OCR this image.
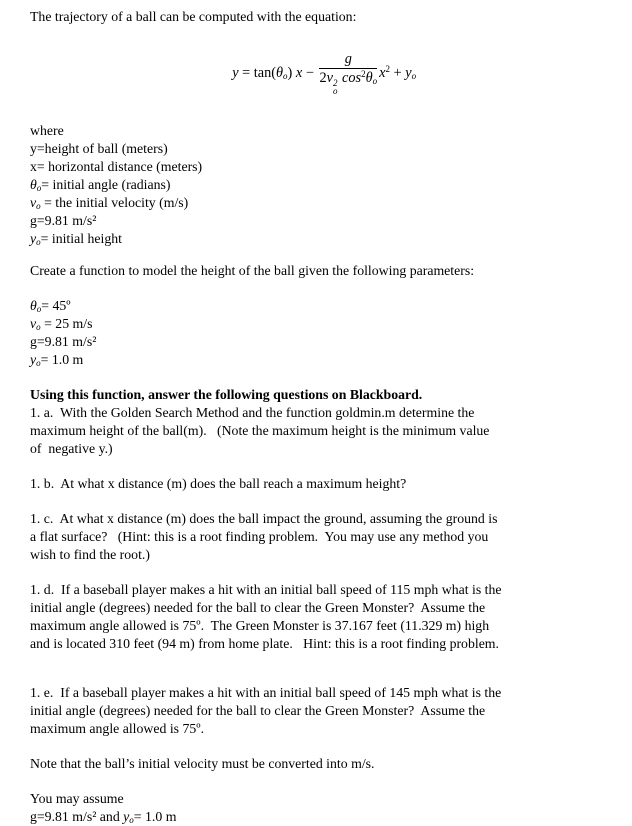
The trajectory of a ball can be computed with the equation:

$y = \tan(\theta_o) x - g$
2v 2
o
$\cos^2\theta_o$ $x^2 + y_o$

where
y=height of ball (meters)
x= horizontal distance (meters)
$\theta_o=$ initial angle (radians)
$v_o$ = the initial velocity (m/s)
g=9.81 m/s²
$y_o=$ initial height

Create a function to model the height of the ball given the following parameters:

$\theta_o=$ 45º
$v_o = 25$ m/s
g=9.81 m/s²
$y_o= 1.0$ m

Using this function, answer the following questions on Blackboard.

1. a.  With the Golden Search Method and the function goldmin.m determine the
maximum height of the ball(m).   (Note the maximum height is the minimum value
of  negative y.)
1. b.  At what x distance (m) does the ball reach a maximum height?
1. c.  At what x distance (m) does the ball impact the ground, assuming the ground is
a flat surface?   (Hint: this is a root finding problem.  You may use any method you
wish to find the root.)
1. d.  If a baseball player makes a hit with an initial ball speed of 115 mph what is the
initial angle (degrees) needed for the ball to clear the Green Monster?  Assume the
maximum angle allowed is 75º.  The Green Monster is 37.167 feet (11.329 m) high
and is located 310 feet (94 m) from home plate.   Hint: this is a root finding problem.
1. e.  If a baseball player makes a hit with an initial ball speed of 145 mph what is the
initial angle (degrees) needed for the ball to clear the Green Monster?  Assume the
maximum angle allowed is 75º.

Note that the ball’s initial velocity must be converted into m/s.

You may assume
g=9.81 m/s² and $y_o= 1.0$ m
